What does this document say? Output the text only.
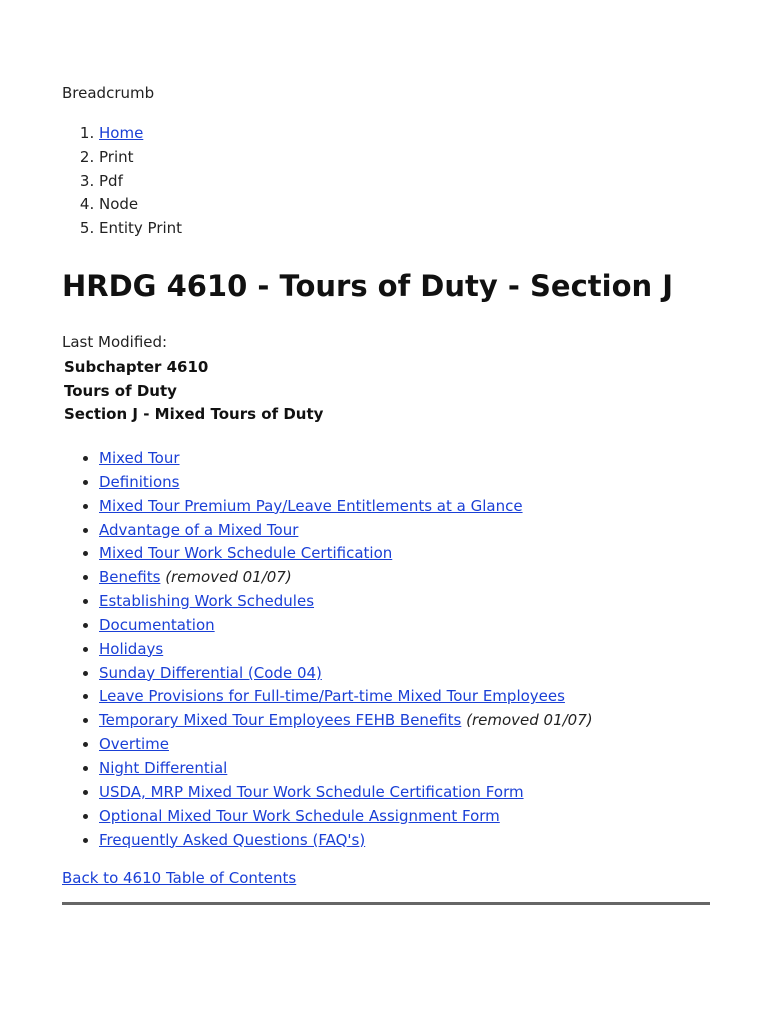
Breadcrumb
1. Home
2. Print
3. Pdf
4. Node
5. Entity Print
HRDG 4610 - Tours of Duty - Section J
Last Modified:
Subchapter 4610
Tours of Duty
Section J - Mixed Tours of Duty
• Mixed Tour
• Definitions
• Mixed Tour Premium Pay/Leave Entitlements at a Glance
• Advantage of a Mixed Tour
• Mixed Tour Work Schedule Certification
• Benefits (removed 01/07)
• Establishing Work Schedules
• Documentation
• Holidays
• Sunday Differential (Code 04)
• Leave Provisions for Full-time/Part-time Mixed Tour Employees
• Temporary Mixed Tour Employees FEHB Benefits (removed 01/07)
• Overtime
• Night Differential
• USDA, MRP Mixed Tour Work Schedule Certification Form
• Optional Mixed Tour Work Schedule Assignment Form
• Frequently Asked Questions (FAQ's)
Back to 4610 Table of Contents
